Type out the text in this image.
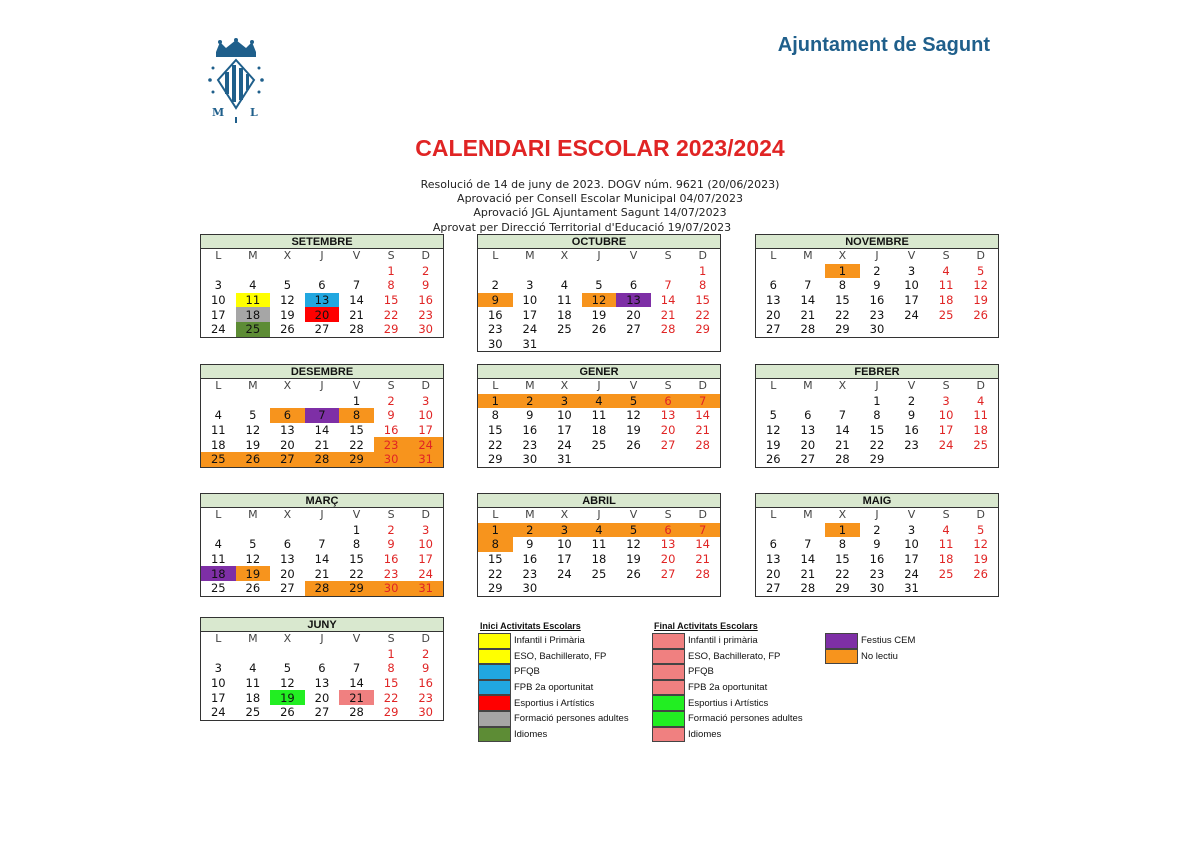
M L
Ajuntament de Sagunt
CALENDARI ESCOLAR 2023/2024
Resolució de 14 de juny de 2023. DOGV núm. 9621 (20/06/2023)
Aprovació per Consell Escolar Municipal 04/07/2023
Aprovació JGL Ajuntament Sagunt 14/07/2023
Aprovat per Direcció Territorial d'Educació 19/07/2023
SETEMBRE
L	M	X	J	V	S	D
					1	2
3	4	5	6	7	8	9
10	11	12	13	14	15	16
17	18	19	20	21	22	23
24	25	26	27	28	29	30
OCTUBRE
L	M	X	J	V	S	D
						1
2	3	4	5	6	7	8
9	10	11	12	13	14	15
16	17	18	19	20	21	22
23	24	25	26	27	28	29
30	31					
NOVEMBRE
L	M	X	J	V	S	D
		1	2	3	4	5
6	7	8	9	10	11	12
13	14	15	16	17	18	19
20	21	22	23	24	25	26
27	28	29	30			
DESEMBRE
L	M	X	J	V	S	D
				1	2	3
4	5	6	7	8	9	10
11	12	13	14	15	16	17
18	19	20	21	22	23	24
25	26	27	28	29	30	31
GENER
L	M	X	J	V	S	D
1	2	3	4	5	6	7
8	9	10	11	12	13	14
15	16	17	18	19	20	21
22	23	24	25	26	27	28
29	30	31				
FEBRER
L	M	X	J	V	S	D
			1	2	3	4
5	6	7	8	9	10	11
12	13	14	15	16	17	18
19	20	21	22	23	24	25
26	27	28	29			
MARÇ
L	M	X	J	V	S	D
				1	2	3
4	5	6	7	8	9	10
11	12	13	14	15	16	17
18	19	20	21	22	23	24
25	26	27	28	29	30	31
ABRIL
L	M	X	J	V	S	D
1	2	3	4	5	6	7
8	9	10	11	12	13	14
15	16	17	18	19	20	21
22	23	24	25	26	27	28
29	30					
MAIG
L	M	X	J	V	S	D
		1	2	3	4	5
6	7	8	9	10	11	12
13	14	15	16	17	18	19
20	21	22	23	24	25	26
27	28	29	30	31		
JUNY
L	M	X	J	V	S	D
					1	2
3	4	5	6	7	8	9
10	11	12	13	14	15	16
17	18	19	20	21	22	23
24	25	26	27	28	29	30
Inici Activitats Escolars	Final Activitats Escolars
Infantil i Primària
ESO, Bachillerato, FP
PFQB
FPB 2a oportunitat
Esportius i Artístics
Formació persones adultes
Idiomes
Infantil i primària
ESO, Bachillerato, FP
PFQB
FPB 2a oportunitat
Esportius i Artístics
Formació persones adultes
Idiomes
Festius CEM
No lectiu
